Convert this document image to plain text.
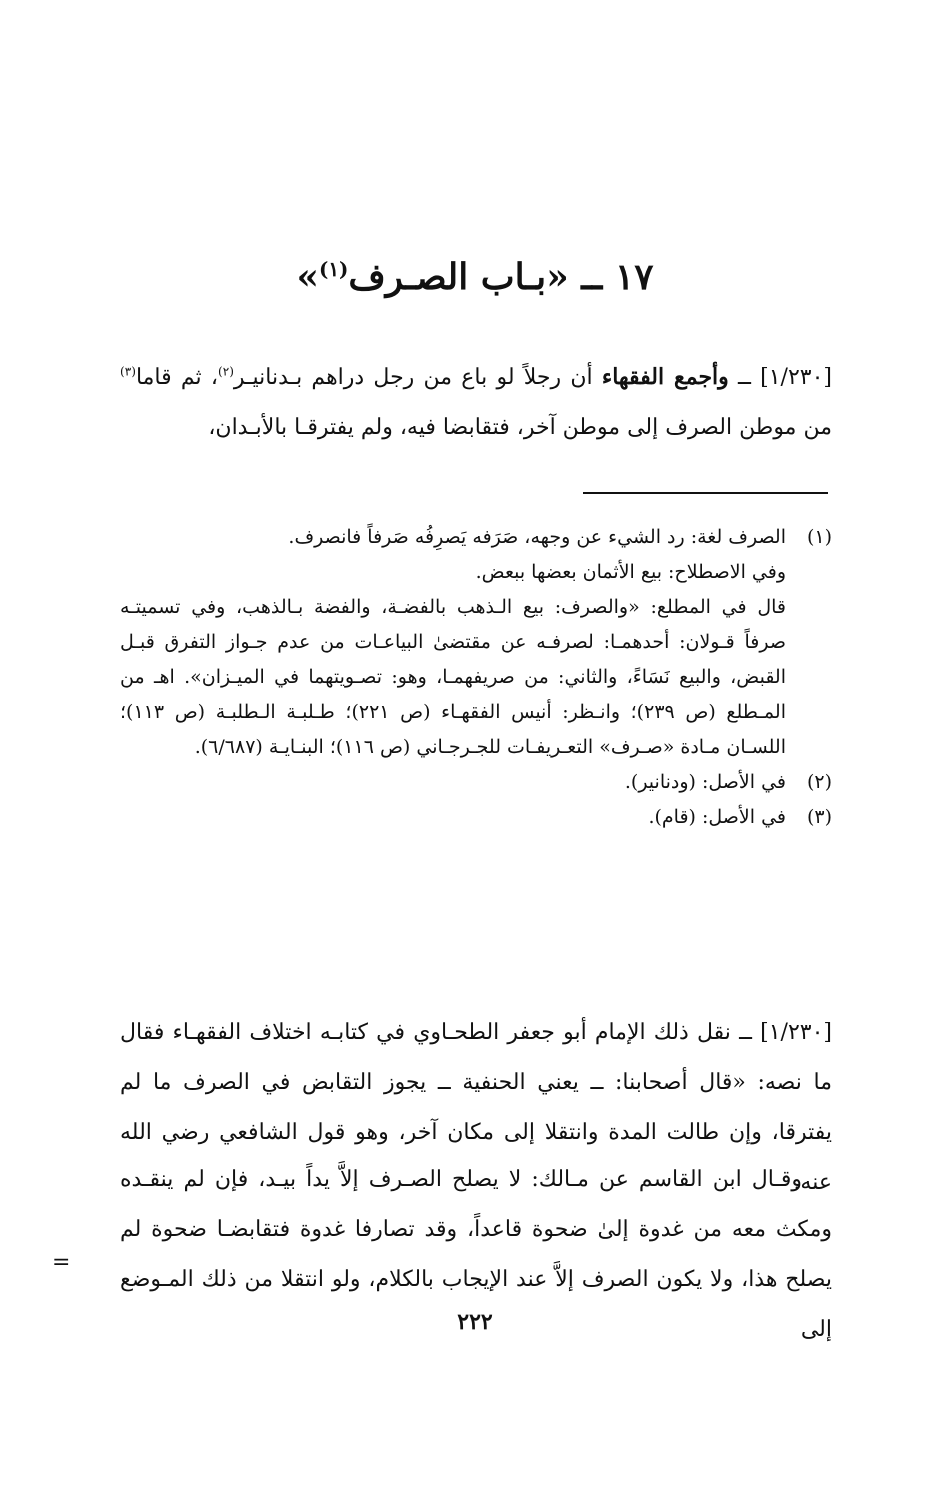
١٧ ــ «بـاب الصـرف$^{(١)}$»
[١/٢٣٠] ــ وأجمع الفقهاء أن رجلاً لو باع من رجل دراهم بـدنانيـر$^{(٢)}$، ثم قاما$^{(٣)}$ من موطن الصرف إلى موطن آخر، فتقابضا فيه، ولم يفترقـا بالأبـدان،
(١)
الصرف لغة: رد الشيء عن وجهه، صَرَفه يَصرِفُه صَرفاً فانصرف.
وفي الاصطلاح: بيع الأثمان بعضها ببعض.
قال في المطلع: «والصرف: بيع الـذهب بالفضـة، والفضة بـالذهب، وفي تسميتـه صرفاً قـولان: أحدهمـا: لصرفـه عن مقتضىٰ البياعـات من عدم جـواز التفرق قبـل القبض، والبيع نَسَاءً، والثاني: من صريفهمـا، وهو: تصـويتهما في الميـزان». اهـ من المـطلع (ص ٢٣٩)؛ وانـظر: أنيس الفقهـاء (ص ٢٢١)؛ طـلبـة الـطلبـة (ص ١١٣)؛ اللسـان مـادة «صـرف» التعـريفـات للجـرجـاني (ص ١١٦)؛ البنـايـة (٦/٦٨٧).
(٢)
في الأصل: (ودنانير).
(٣)
في الأصل: (قام).
[١/٢٣٠] ــ نقل ذلك الإمام أبو جعفر الطحـاوي في كتابـه اختلاف الفقهـاء فقال ما نصه: «قال أصحابنا: ــ يعني الحنفية ــ يجوز التقابض في الصرف ما لم يفترقا، وإن طالت المدة وانتقلا إلى مكان آخر، وهو قول الشافعي رضي الله عنه.
وقـال ابن القاسم عن مـالك: لا يصلح الصـرف إلاَّ يداً بيـد، فإن لم ينقـده ومكث معه من غدوة إلىٰ ضحوة قاعداً، وقد تصارفا غدوة فتقابضـا ضحوة لم يصلح هذا، ولا يكون الصرف إلاَّ عند الإيجاب بالكلام، ولو انتقلا من ذلك المـوضع إلى
=
٢٢٢
